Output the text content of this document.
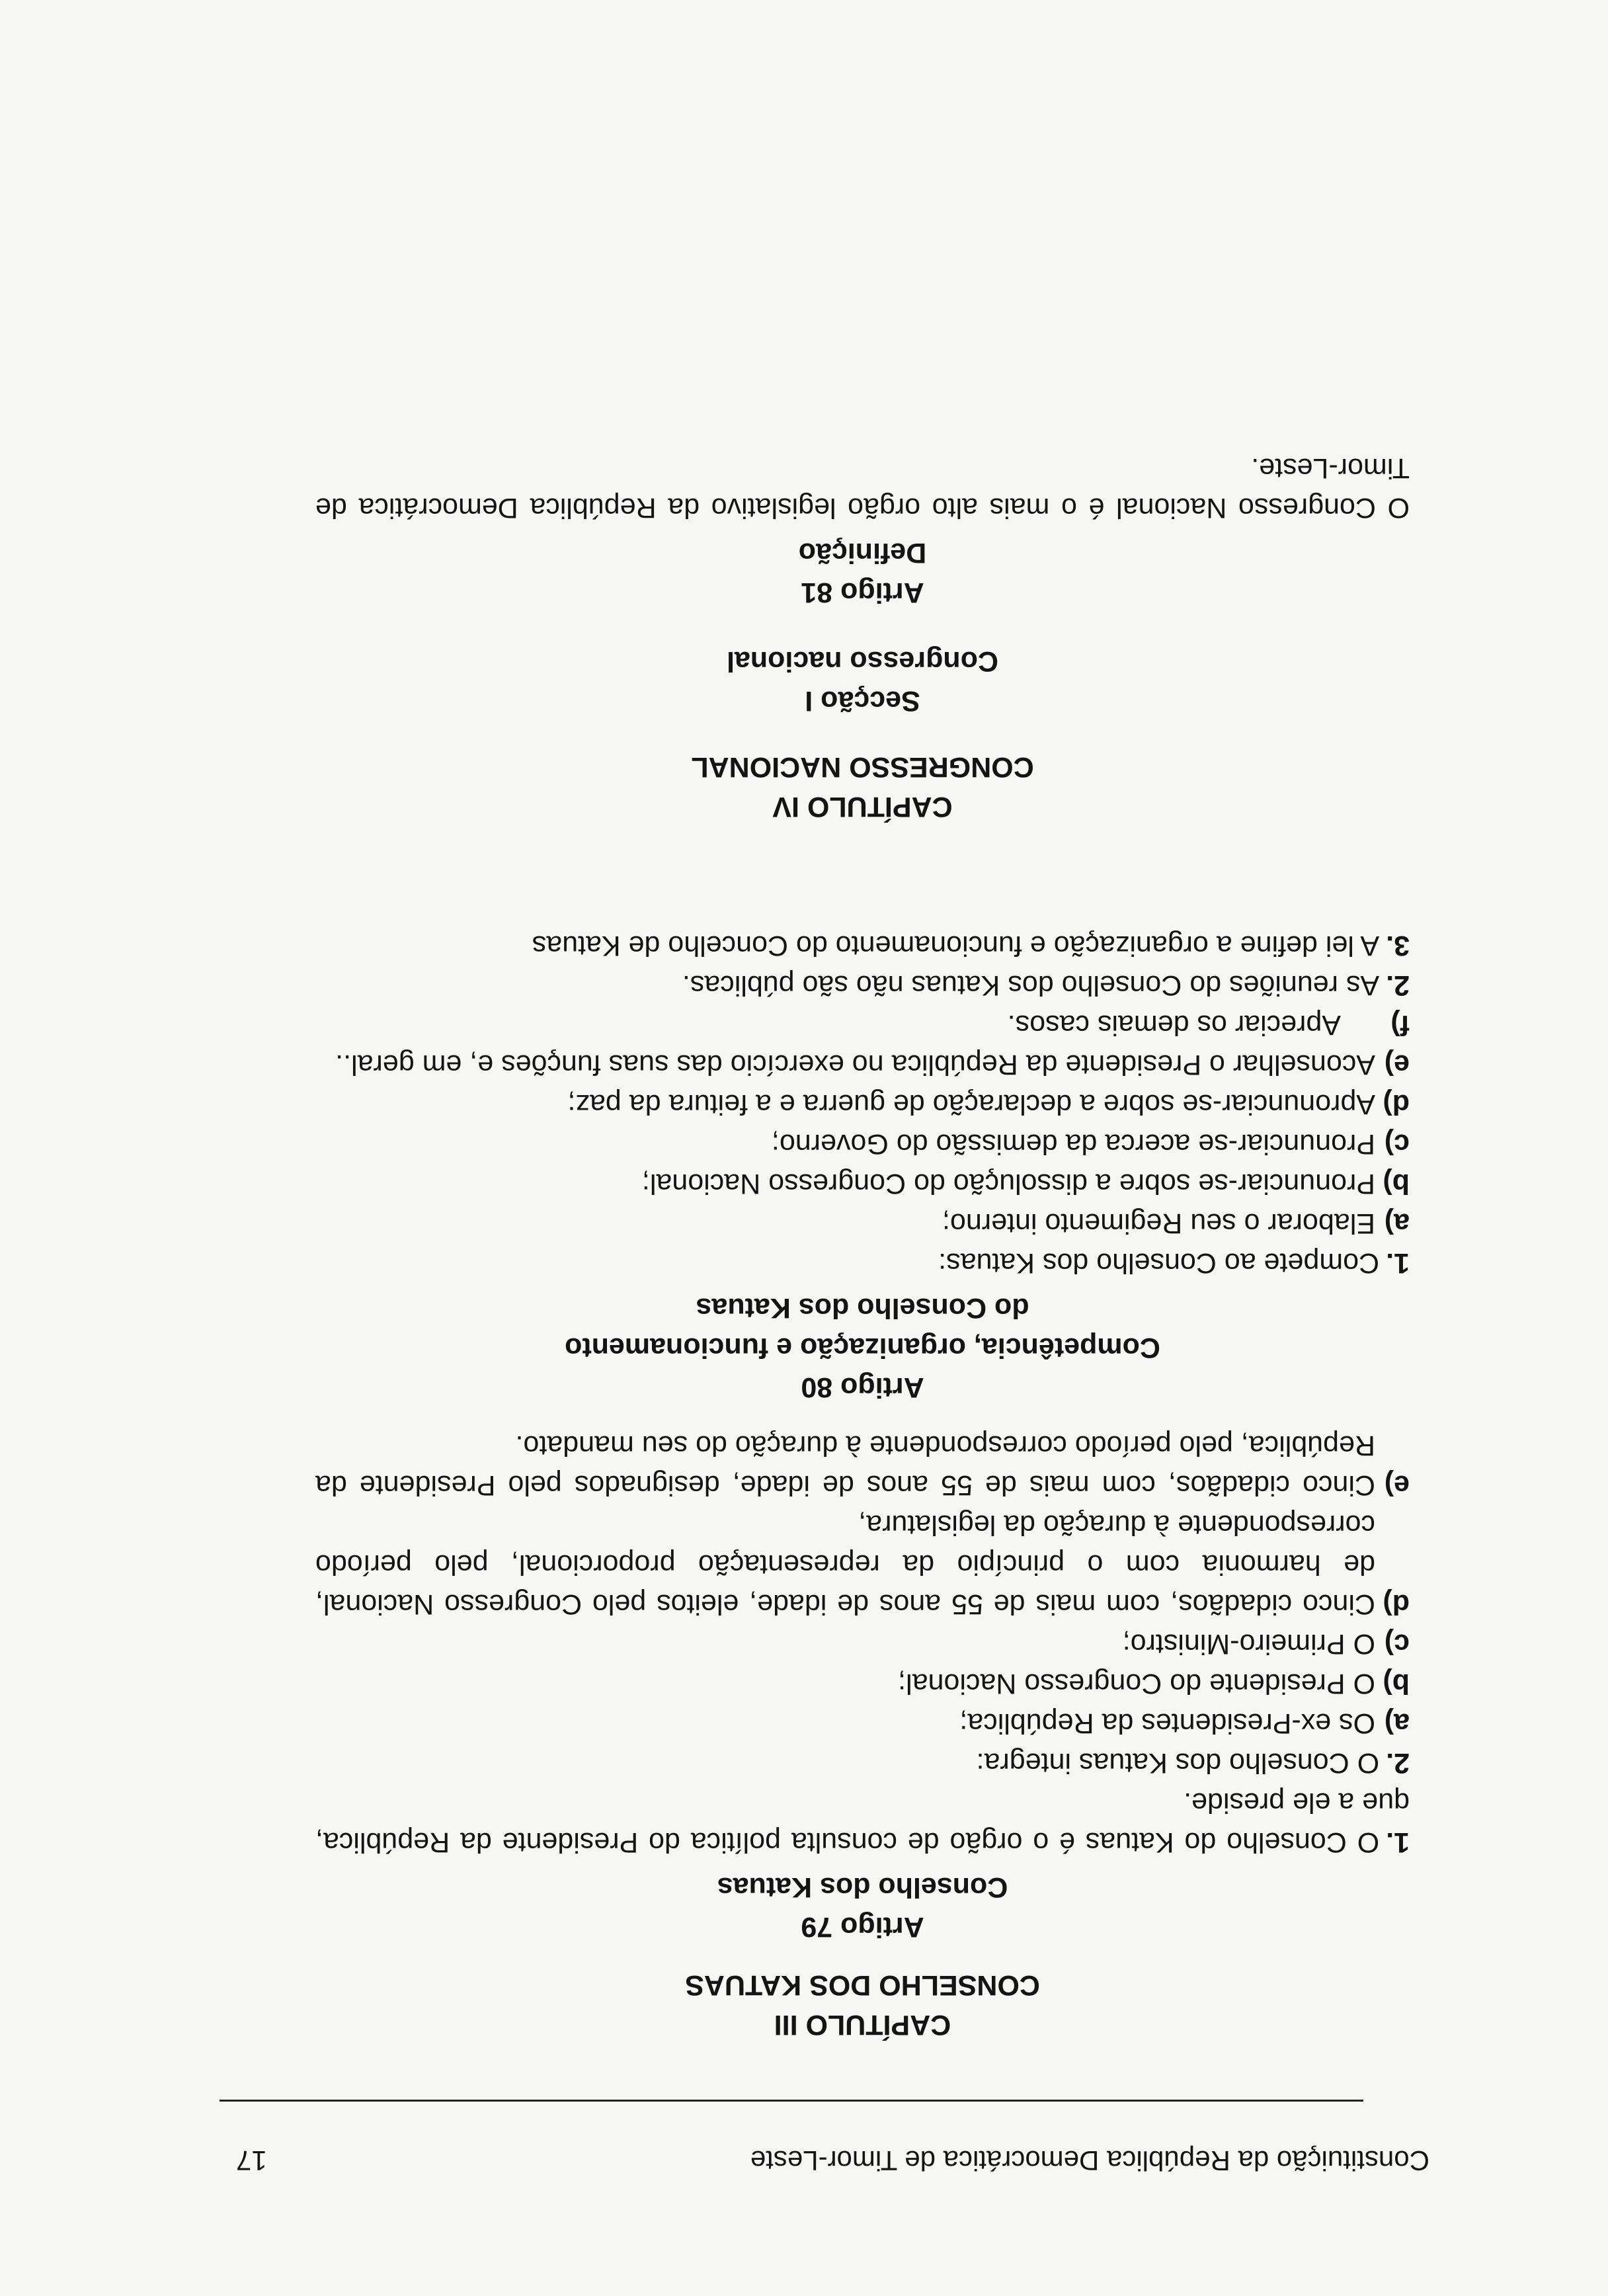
Constituição da República Democrática de Timor-Leste
17
CAPÍTULO III
CONSELHO DOS KATUAS
Artigo 79
Conselho dos Katuas
1.O Conselho do Katuas é o orgão de consulta política do Presidente da República, que a ele preside.
2.O Conselho dos Katuas integra:
a)Os ex-Presidentes da República;
b)O Presidente do Congresso Nacional;
c)O Primeiro-Ministro;
d)Cinco cidadãos, com mais de 55 anos de idade, eleitos pelo Congresso Nacional, de harmonia com o princípio da representação proporcional, pelo período correspondente à duração da legislatura,
e)Cinco cidadãos, com mais de 55 anos de idade, designados pelo Presidente da República, pelo período correspondente à duração do seu mandato.
Artigo 80
Competência, organização e funcionamento
do Conselho dos Katuas
1.Compete ao Conselho dos Katuas:
a)Elaborar o seu Regimento interno;
b)Pronunciar-se sobre a dissolução do Congresso Nacional;
c)Pronunciar-se acerca da demissão do Governo;
d)Apronunciar-se sobre a declaração de guerra e a feitura da paz;
e)Aconselhar o Presidente da República no exercício das suas funções e, em geral..
f)Apreciar os demais casos.
2.As reuniões do Conselho dos Katuas não são públicas.
3.A lei define a organização e funcionamento do Concelho de Katuas
CAPÍTULO IV
CONGRESSO NACIONAL
Secção I
Congresso nacional
Artigo 81
Definição
O Congresso Nacional é o mais alto orgão legislativo da República Democrática de Timor-Leste.
